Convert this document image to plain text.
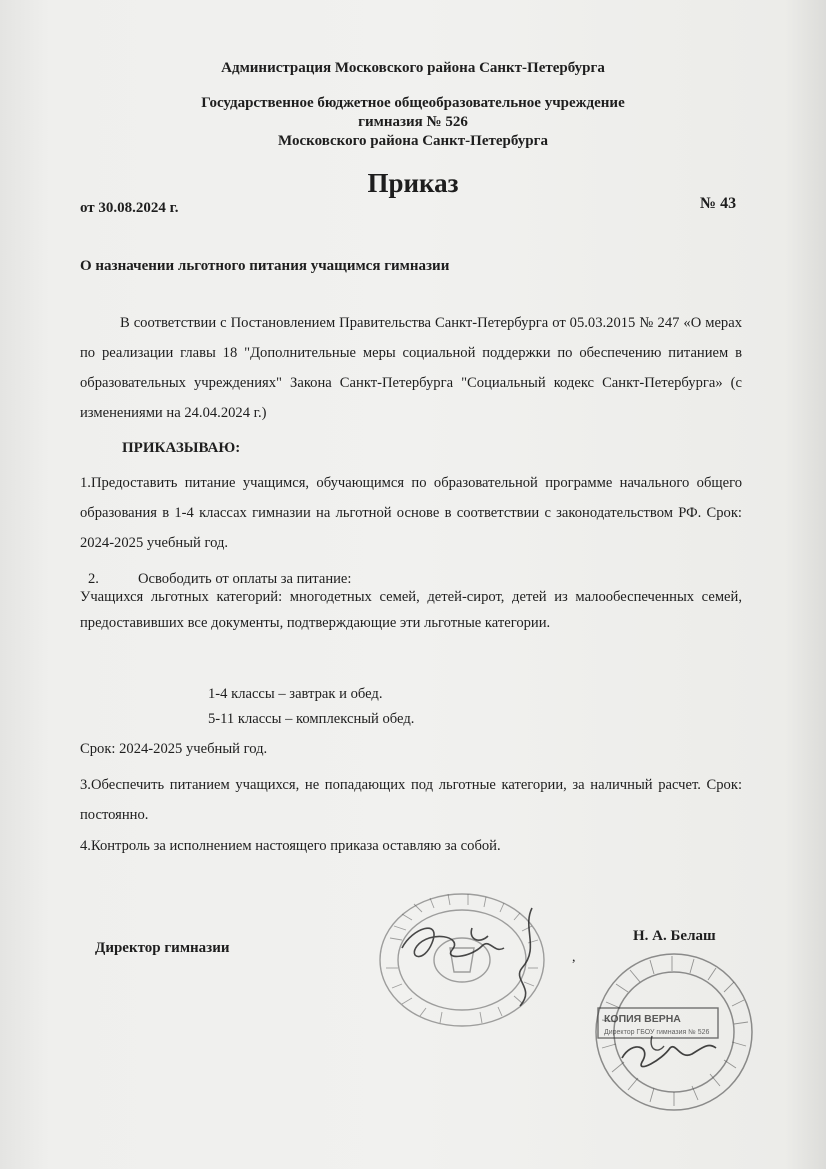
Администрация Московского района Санкт-Петербурга
Государственное бюджетное общеобразовательное учреждение
гимназия № 526
Московского района Санкт-Петербурга
Приказ
от 30.08.2024 г.	№ 43
О назначении льготного питания учащимся гимназии
В соответствии с Постановлением Правительства Санкт-Петербурга от 05.03.2015 № 247 «О мерах по реализации главы 18 "Дополнительные меры социальной поддержки по обеспечению питанием в образовательных учреждениях" Закона Санкт-Петербурга "Социальный кодекс Санкт-Петербурга» (с изменениями на 24.04.2024 г.)
ПРИКАЗЫВАЮ:
1.Предоставить питание учащимся, обучающимся по образовательной программе начального общего образования в 1-4 классах гимназии на льготной основе в соответствии с законодательством РФ. Срок: 2024-2025 учебный год.
2.	Освободить от оплаты за питание:
Учащихся льготных категорий: многодетных семей, детей-сирот, детей из малообеспеченных семей, предоставивших все документы, подтверждающие эти льготные категории.
1-4 классы – завтрак и обед.
5-11 классы – комплексный обед.
Срок: 2024-2025 учебный год.
3.Обеспечить питанием учащихся, не попадающих под льготные категории, за наличный расчет. Срок: постоянно.
4.Контроль за исполнением настоящего приказа оставляю за собой.
,
Директор гимназии
Н. А. Белаш
КОПИЯ ВЕРНА
Директор ГБОУ гимназия № 526
